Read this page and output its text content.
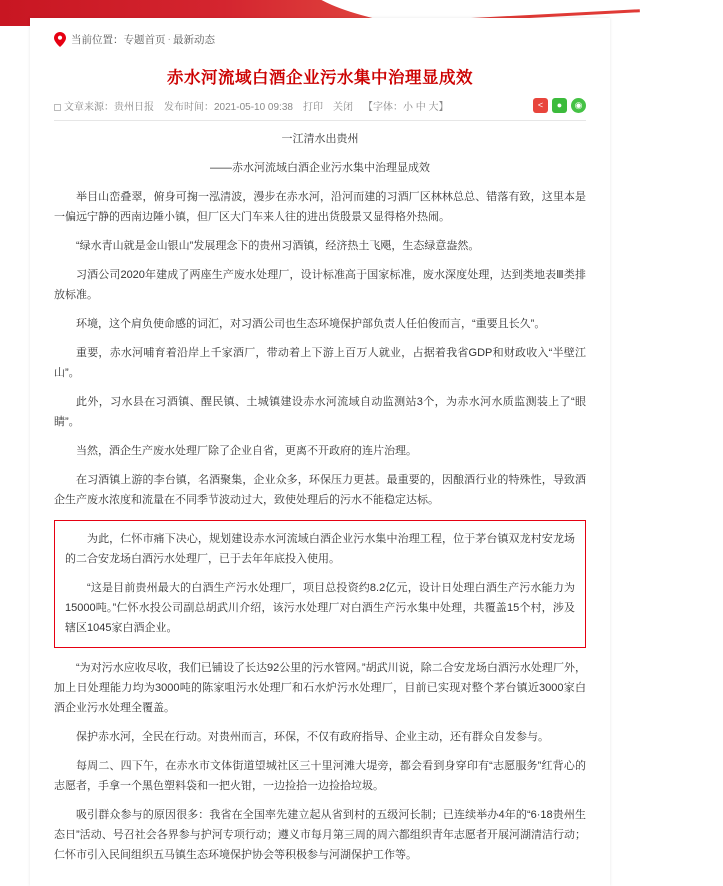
当前位置： 专题首页 · 最新动态
赤水河流域白酒企业污水集中治理显成效
文章来源：贵州日报 发布时间：2021-05-10 09:38 打印 关闭 【字体：小 中 大】	<	●	◉

一江清水出贵州

——赤水河流域白酒企业污水集中治理显成效

举目山峦叠翠，俯身可掬一泓清波，漫步在赤水河，沿河而建的习酒厂区林林总总、错落有致，这里本是一偏远宁静的西南边陲小镇，但厂区大门车来人往的进出货殷景又显得格外热闹。

“绿水青山就是金山银山”发展理念下的贵州习酒镇，经济热土飞飓，生态绿意盎然。

习酒公司2020年建成了两座生产废水处理厂，设计标准高于国家标准，废水深度处理，达到类地表Ⅲ类排放标准。

环境，这个肩负使命感的词汇，对习酒公司也生态环境保护部负责人任伯俊而言，“重要且长久”。

重要，赤水河哺育着沿岸上千家酒厂，带动着上下游上百万人就业，占据着我省GDP和财政收入“半壁江山”。

此外，习水县在习酒镇、醒民镇、土城镇建设赤水河流域自动监测站3个，为赤水河水质监测装上了“眼睛”。

当然，酒企生产废水处理厂除了企业自省，更离不开政府的连片治理。

在习酒镇上游的李台镇，名酒聚集，企业众多，环保压力更甚。最重要的，因酿酒行业的特殊性，导致酒企生产废水浓度和流量在不同季节波动过大，致使处理后的污水不能稳定达标。

为此，仁怀市痛下决心，规划建设赤水河流域白酒企业污水集中治理工程，位于茅台镇双龙村安龙场的二合安龙场白酒污水处理厂，已于去年年底投入使用。

“这是目前贵州最大的白酒生产污水处理厂，项目总投资约8.2亿元，设计日处理白酒生产污水能力为15000吨。”仁怀水投公司副总胡武川介绍，该污水处理厂对白酒生产污水集中处理，共覆盖15个村，涉及辖区1045家白酒企业。

“为对污水应收尽收，我们已铺设了长达92公里的污水管网。”胡武川说，除二合安龙场白酒污水处理厂外，加上日处理能力均为3000吨的陈家咀污水处理厂和石水炉污水处理厂，目前已实现对整个茅台镇近3000家白酒企业污水处理全覆盖。

保护赤水河，全民在行动。对贵州而言，环保，不仅有政府指导、企业主动，还有群众自发参与。

每周二、四下午，在赤水市文体街道望城社区三十里河滩大堤旁，都会看到身穿印有“志愿服务”红背心的志愿者，手拿一个黑色塑料袋和一把火钳，一边捡拾一边捡拾垃圾。

吸引群众参与的原因很多：我省在全国率先建立起从省到村的五级河长制；已连续举办4年的“6·18贵州生态日”活动、号召社会各界参与护河专项行动；遵义市每月第三周的周六都组织青年志愿者开展河湖清洁行动；仁怀市引入民间组织五马镇生态环境保护协会等积极参与河湖保护工作等。
